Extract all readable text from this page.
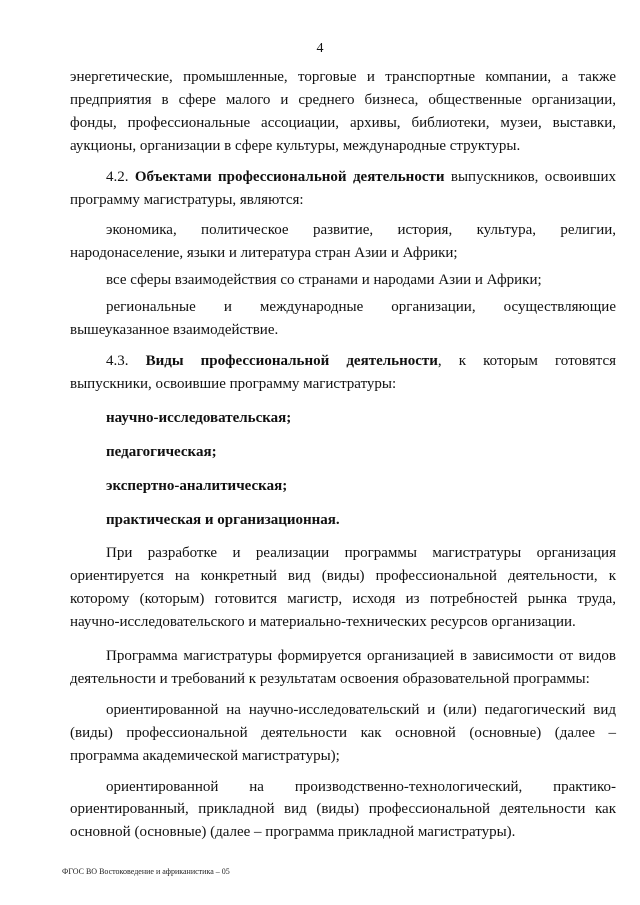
4

энергетические, промышленные, торговые и транспортные компании, а также предприятия в сфере малого и среднего бизнеса, общественные организации, фонды, профессиональные ассоциации, архивы, библиотеки, музеи, выставки, аукционы, организации в сфере культуры, международные структуры.

4.2. Объектами профессиональной деятельности выпускников, освоивших программу магистратуры, являются:

экономика, политическое развитие, история, культура, религии, народонаселение, языки и литература стран Азии и Африки;

все сферы взаимодействия со странами и народами Азии и Африки;

региональные и международные организации, осуществляющие вышеуказанное взаимодействие.

4.3. Виды профессиональной деятельности, к которым готовятся выпускники, освоившие программу магистратуры:

научно-исследовательская;

педагогическая;

экспертно-аналитическая;

практическая и организационная.

При разработке и реализации программы магистратуры организация ориентируется на конкретный вид (виды) профессиональной деятельности, к которому (которым) готовится магистр, исходя из потребностей рынка труда, научно-исследовательского и материально-технических ресурсов организации.

Программа магистратуры формируется организацией в зависимости от видов деятельности и требований к результатам освоения образовательной программы:

ориентированной на научно-исследовательский и (или) педагогический вид (виды) профессиональной деятельности как основной (основные) (далее – программа академической магистратуры);

ориентированной на производственно-технологический, практико-ориентированный, прикладной вид (виды) профессиональной деятельности как основной (основные) (далее – программа прикладной магистратуры).

ФГОС ВО Востоковедение и африканистика – 05
